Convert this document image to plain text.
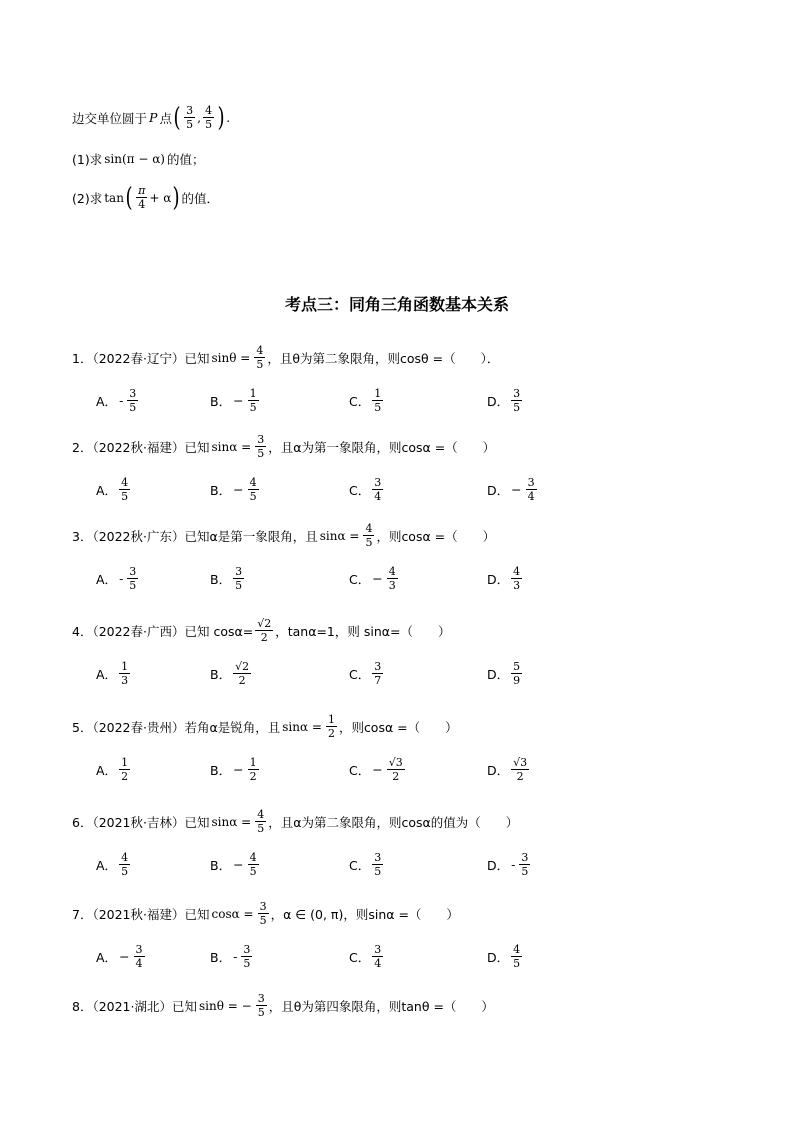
边交单位圆于 P 点 ( $\frac{3}{5}$ , $\frac{4}{5}$ ) .
(1)求 sin(π − α) 的值；
(2)求 tan ( $\frac{\pi}{4} + \alpha$ ) 的值．
考点三：同角三角函数基本关系
1．（2022春·辽宁）已知 $\sin\theta = \frac{4}{5}$ ，且θ为第二象限角，则cosθ =（　　）．
A． - $\frac{3}{5}$	B． − $\frac{1}{5}$	C． $\frac{1}{5}$	D． $\frac{3}{5}$
2．（2022秋·福建）已知 $\sin\alpha = \frac{3}{5}$ ，且α为第一象限角，则cosα =（　　）
A． $\frac{4}{5}$	B． − $\frac{4}{5}$	C． $\frac{3}{4}$	D． − $\frac{3}{4}$
3．（2022秋·广东）已知α是第一象限角，且 $\sin\alpha = \frac{4}{5}$ ，则cosα =（　　）
A． - $\frac{3}{5}$	B． $\frac{3}{5}$	C． − $\frac{4}{3}$	D． $\frac{4}{3}$
4．（2022春·广西）已知 $\cos\alpha= \frac{√2}{2}$ ，tanα=1，则 sinα=（　　）
A． $\frac{1}{3}$	B． $\frac{√2}{2}$	C． $\frac{3}{7}$	D． $\frac{5}{9}$
5．（2022春·贵州）若角α是锐角，且 $\sin\alpha = \frac{1}{2}$ ，则cosα =（　　）
A． $\frac{1}{2}$	B． − $\frac{1}{2}$	C． − $\frac{√3}{2}$	D． $\frac{√3}{2}$
6．（2021秋·吉林）已知 $\sin\alpha = \frac{4}{5}$ ，且α为第二象限角，则cosα的值为（　　）
A． $\frac{4}{5}$	B． − $\frac{4}{5}$	C． $\frac{3}{5}$	D． - $\frac{3}{5}$
7．（2021秋·福建）已知 $\cos\alpha = \frac{3}{5}$ ，α ∈ (0, π)，则sinα =（　　）
A． − $\frac{3}{4}$	B． - $\frac{3}{5}$	C． $\frac{3}{4}$	D． $\frac{4}{5}$
8．（2021·湖北）已知 sinθ = − $\frac{3}{5}$ ，且θ为第四象限角，则tanθ =（　　）
